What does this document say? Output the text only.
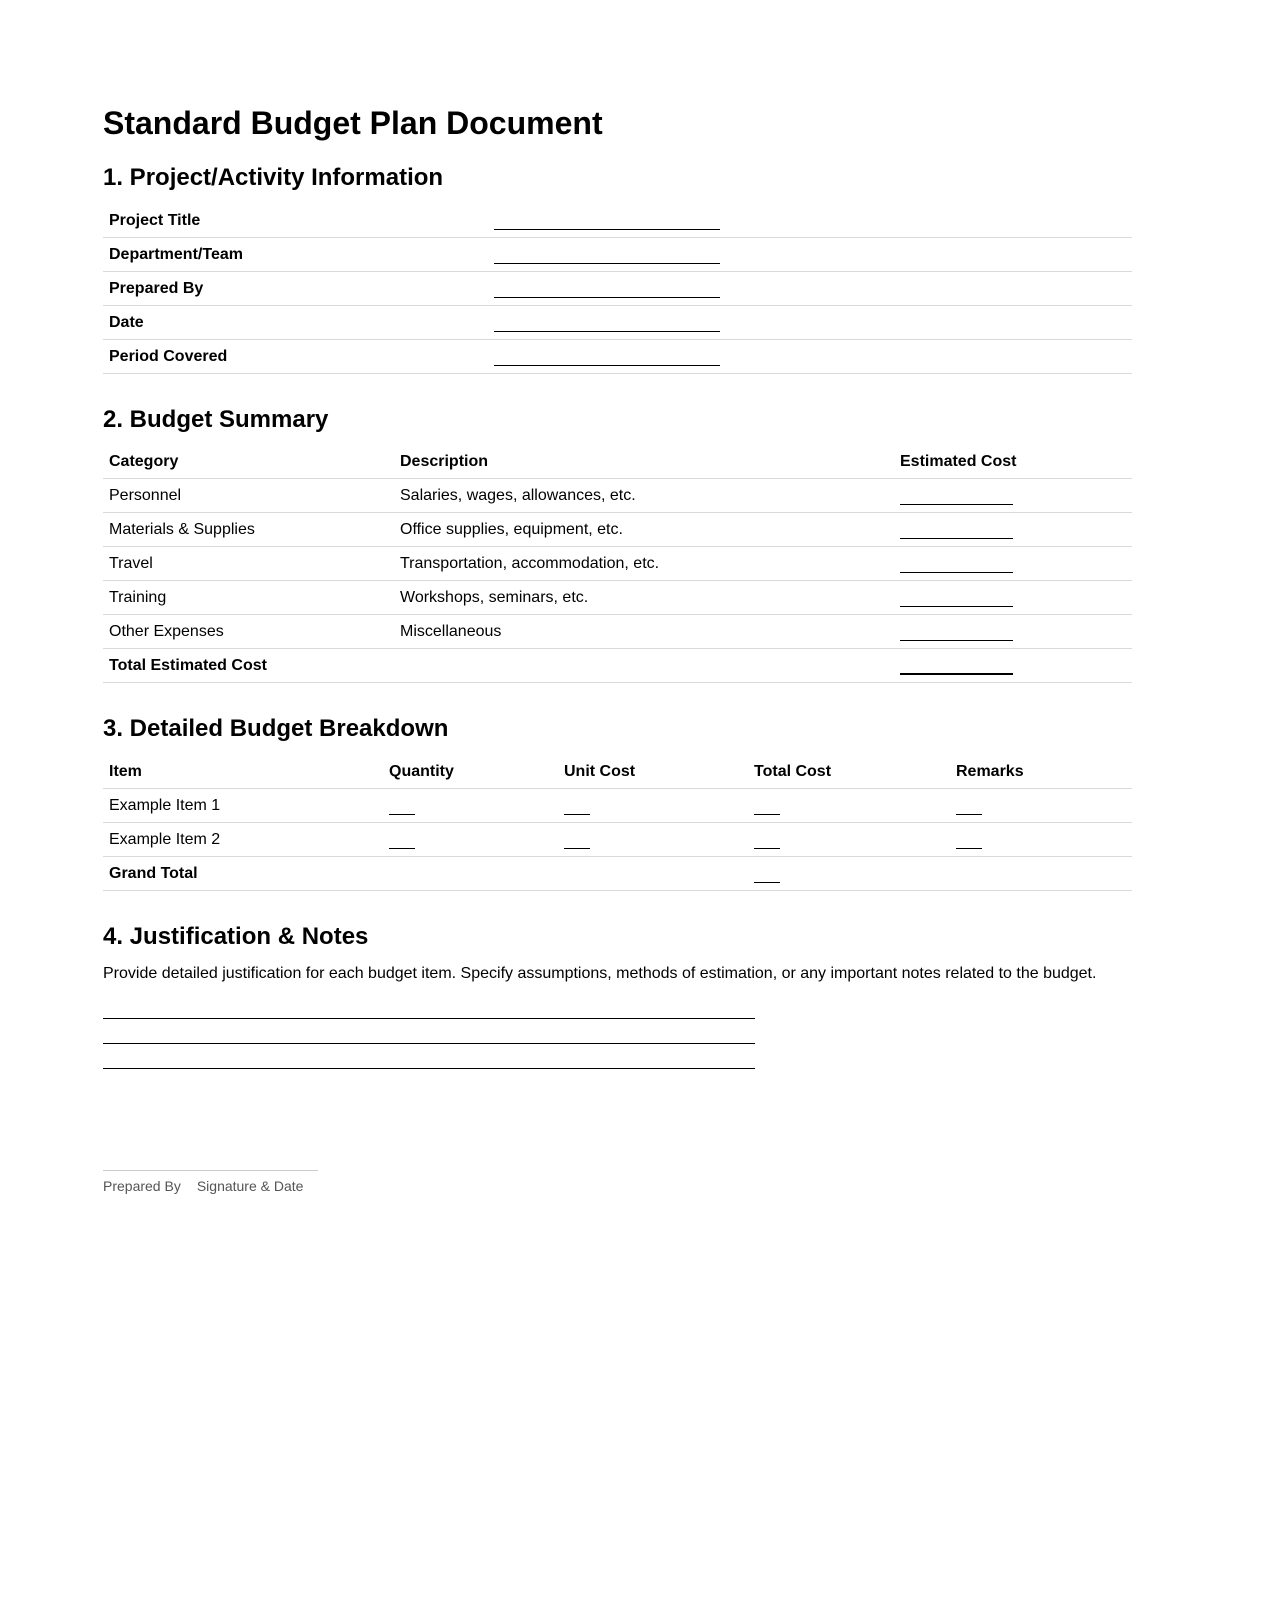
Standard Budget Plan Document
1. Project/Activity Information
Project Title	
Department/Team	
Prepared By	
Date	
Period Covered	
2. Budget Summary
Category	Description	Estimated Cost
Personnel	Salaries, wages, allowances, etc.	
Materials & Supplies	Office supplies, equipment, etc.	
Travel	Transportation, accommodation, etc.	
Training	Workshops, seminars, etc.	
Other Expenses	Miscellaneous	
Total Estimated Cost		
3. Detailed Budget Breakdown
Item	Quantity	Unit Cost	Total Cost	Remarks
Example Item 1				
Example Item 2				
Grand Total				
4. Justification & Notes

Provide detailed justification for each budget item. Specify assumptions, methods of estimation, or any important notes related to the budget.

Prepared By Signature & Date
